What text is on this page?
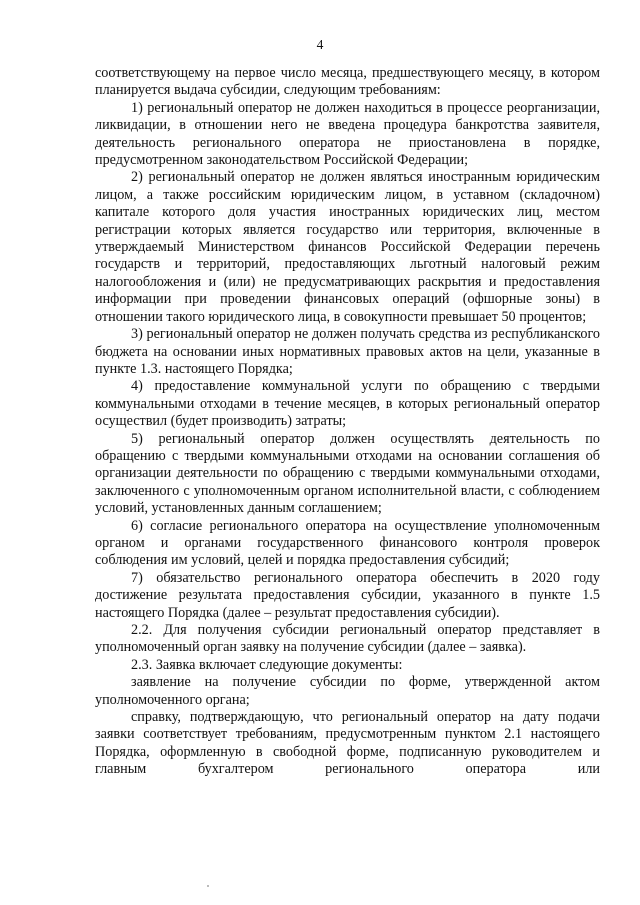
4

соответствующему на первое число месяца, предшествующего месяцу, в котором планируется выдача субсидии, следующим требованиям:

1) региональный оператор не должен находиться в процессе реорганизации, ликвидации, в отношении него не введена процедура банкротства заявителя, деятельность регионального оператора не приостановлена в порядке, предусмотренном законодательством Российской Федерации;

2) региональный оператор не должен являться иностранным юридическим лицом, а также российским юридическим лицом, в уставном (складочном) капитале которого доля участия иностранных юридических лиц, местом регистрации которых является государство или территория, включенные в утверждаемый Министерством финансов Российской Федерации перечень государств и территорий, предоставляющих льготный налоговый режим налогообложения и (или) не предусматривающих раскрытия и предоставления информации при проведении финансовых операций (офшорные зоны) в отношении такого юридического лица, в совокупности превышает 50 процентов;

3) региональный оператор не должен получать средства из республиканского бюджета на основании иных нормативных правовых актов на цели, указанные в пункте 1.3. настоящего Порядка;

4) предоставление коммунальной услуги по обращению с твердыми коммунальными отходами в течение месяцев, в которых региональный оператор осуществил (будет производить) затраты;

5) региональный оператор должен осуществлять деятельность по обращению с твердыми коммунальными отходами на основании соглашения об организации деятельности по обращению с твердыми коммунальными отходами, заключенного с уполномоченным органом исполнительной власти, с соблюдением условий, установленных данным соглашением;

6) согласие регионального оператора на осуществление уполномоченным органом и органами государственного финансового контроля проверок соблюдения им условий, целей и порядка предоставления субсидий;

7) обязательство регионального оператора обеспечить в 2020 году достижение результата предоставления субсидии, указанного в пункте 1.5 настоящего Порядка (далее – результат предоставления субсидии).

2.2. Для получения субсидии региональный оператор представляет в уполномоченный орган заявку на получение субсидии (далее – заявка).

2.3. Заявка включает следующие документы:

заявление на получение субсидии по форме, утвержденной актом уполномоченного органа;

справку, подтверждающую, что региональный оператор на дату подачи заявки соответствует требованиям, предусмотренным пунктом 2.1 настоящего Порядка, оформленную в свободной форме, подписанную руководителем и главным бухгалтером регионального оператора или
